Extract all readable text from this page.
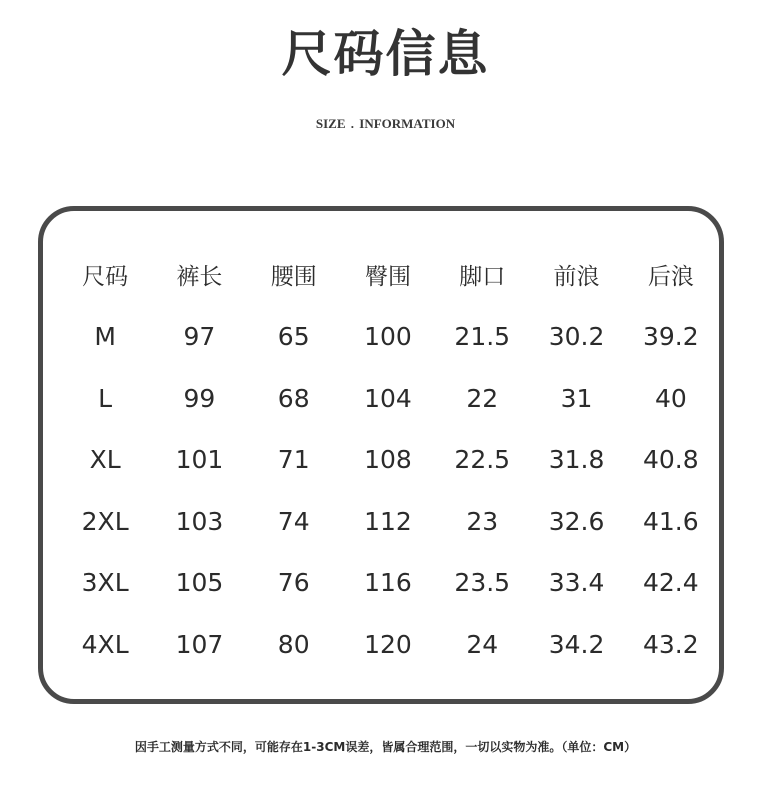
尺码信息
SIZE . INFORMATION
尺码	裤长	腰围	臀围	脚口	前浪	后浪
M	97	65	100	21.5	30.2	39.2
L	99	68	104	22	31	40
XL	101	71	108	22.5	31.8	40.8
2XL	103	74	112	23	32.6	41.6
3XL	105	76	116	23.5	33.4	42.4
4XL	107	80	120	24	34.2	43.2
因手工测量方式不同，可能存在1-3CM误差，皆属合理范围，一切以实物为准。（单位：CM）
